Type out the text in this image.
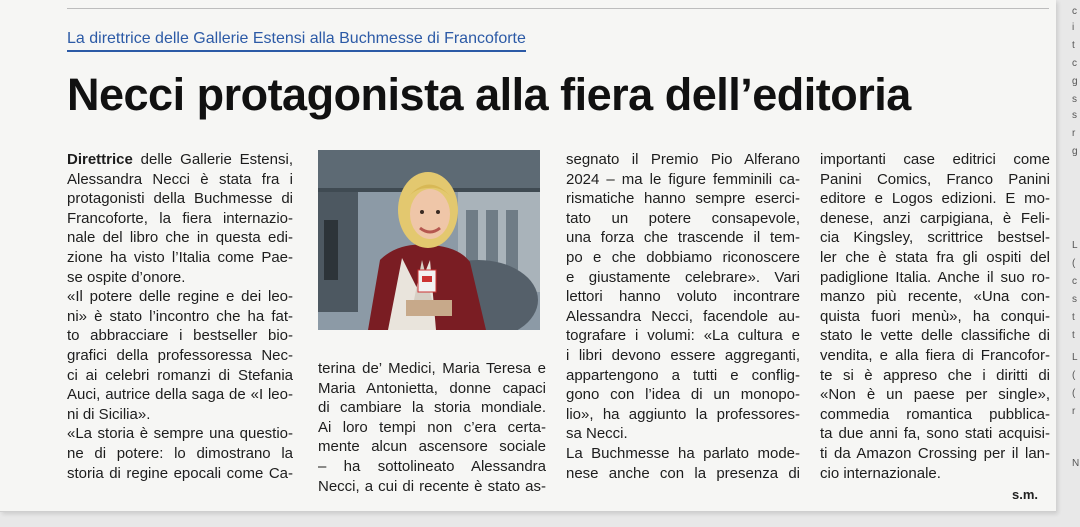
La direttrice delle Gallerie Estensi alla Buchmesse di Francoforte
Necci protagonista alla fiera dell’editoria
Direttrice delle Gallerie Estensi,
Alessandra Necci è stata fra i
protagonisti della Buchmesse di
Francoforte, la fiera internazio-
nale del libro che in questa edi-
zione ha visto l’Italia come Pae-
se ospite d’onore.
«Il potere delle regine e dei leo-
ni» è stato l’incontro che ha fat-
to abbracciare i bestseller bio-
grafici della professoressa Nec-
ci ai celebri romanzi di Stefania
Auci, autrice della saga de «I leo-
ni di Sicilia».
«La storia è sempre una questio-
ne di potere: lo dimostrano la
storia di regine epocali come Ca-
terina de’ Medici, Maria Teresa e
Maria Antonietta, donne capaci
di cambiare la storia mondiale.
Ai loro tempi non c’era certa-
mente alcun ascensore sociale
– ha sottolineato Alessandra
Necci, a cui di recente è stato as-
segnato il Premio Pio Alferano
2024 – ma le figure femminili ca-
rismatiche hanno sempre eserci-
tato un potere consapevole,
una forza che trascende il tem-
po e che dobbiamo riconoscere
e giustamente celebrare». Vari
lettori hanno voluto incontrare
Alessandra Necci, facendole au-
tografare i volumi: «La cultura e
i libri devono essere aggreganti,
appartengono a tutti e conflig-
gono con l’idea di un monopo-
lio», ha aggiunto la professores-
sa Necci.
La Buchmesse ha parlato mode-
nese anche con la presenza di
importanti case editrici come
Panini Comics, Franco Panini
editore e Logos edizioni. E mo-
denese, anzi carpigiana, è Feli-
cia Kingsley, scrittrice bestsel-
ler che è stata fra gli ospiti del
padiglione Italia. Anche il suo ro-
manzo più recente, «Una con-
quista fuori menù», ha conqui-
stato le vette delle classifiche di
vendita, e alla fiera di Francofor-
te si è appreso che i diritti di
«Non è un paese per single»,
commedia romantica pubblica-
ta due anni fa, sono stati acquisi-
ti da Amazon Crossing per il lan-
cio internazionale.
s.m.
c
i
t
c
g
s
s
r
g
L
(
c
s
t
t
L
(
(
r
N
